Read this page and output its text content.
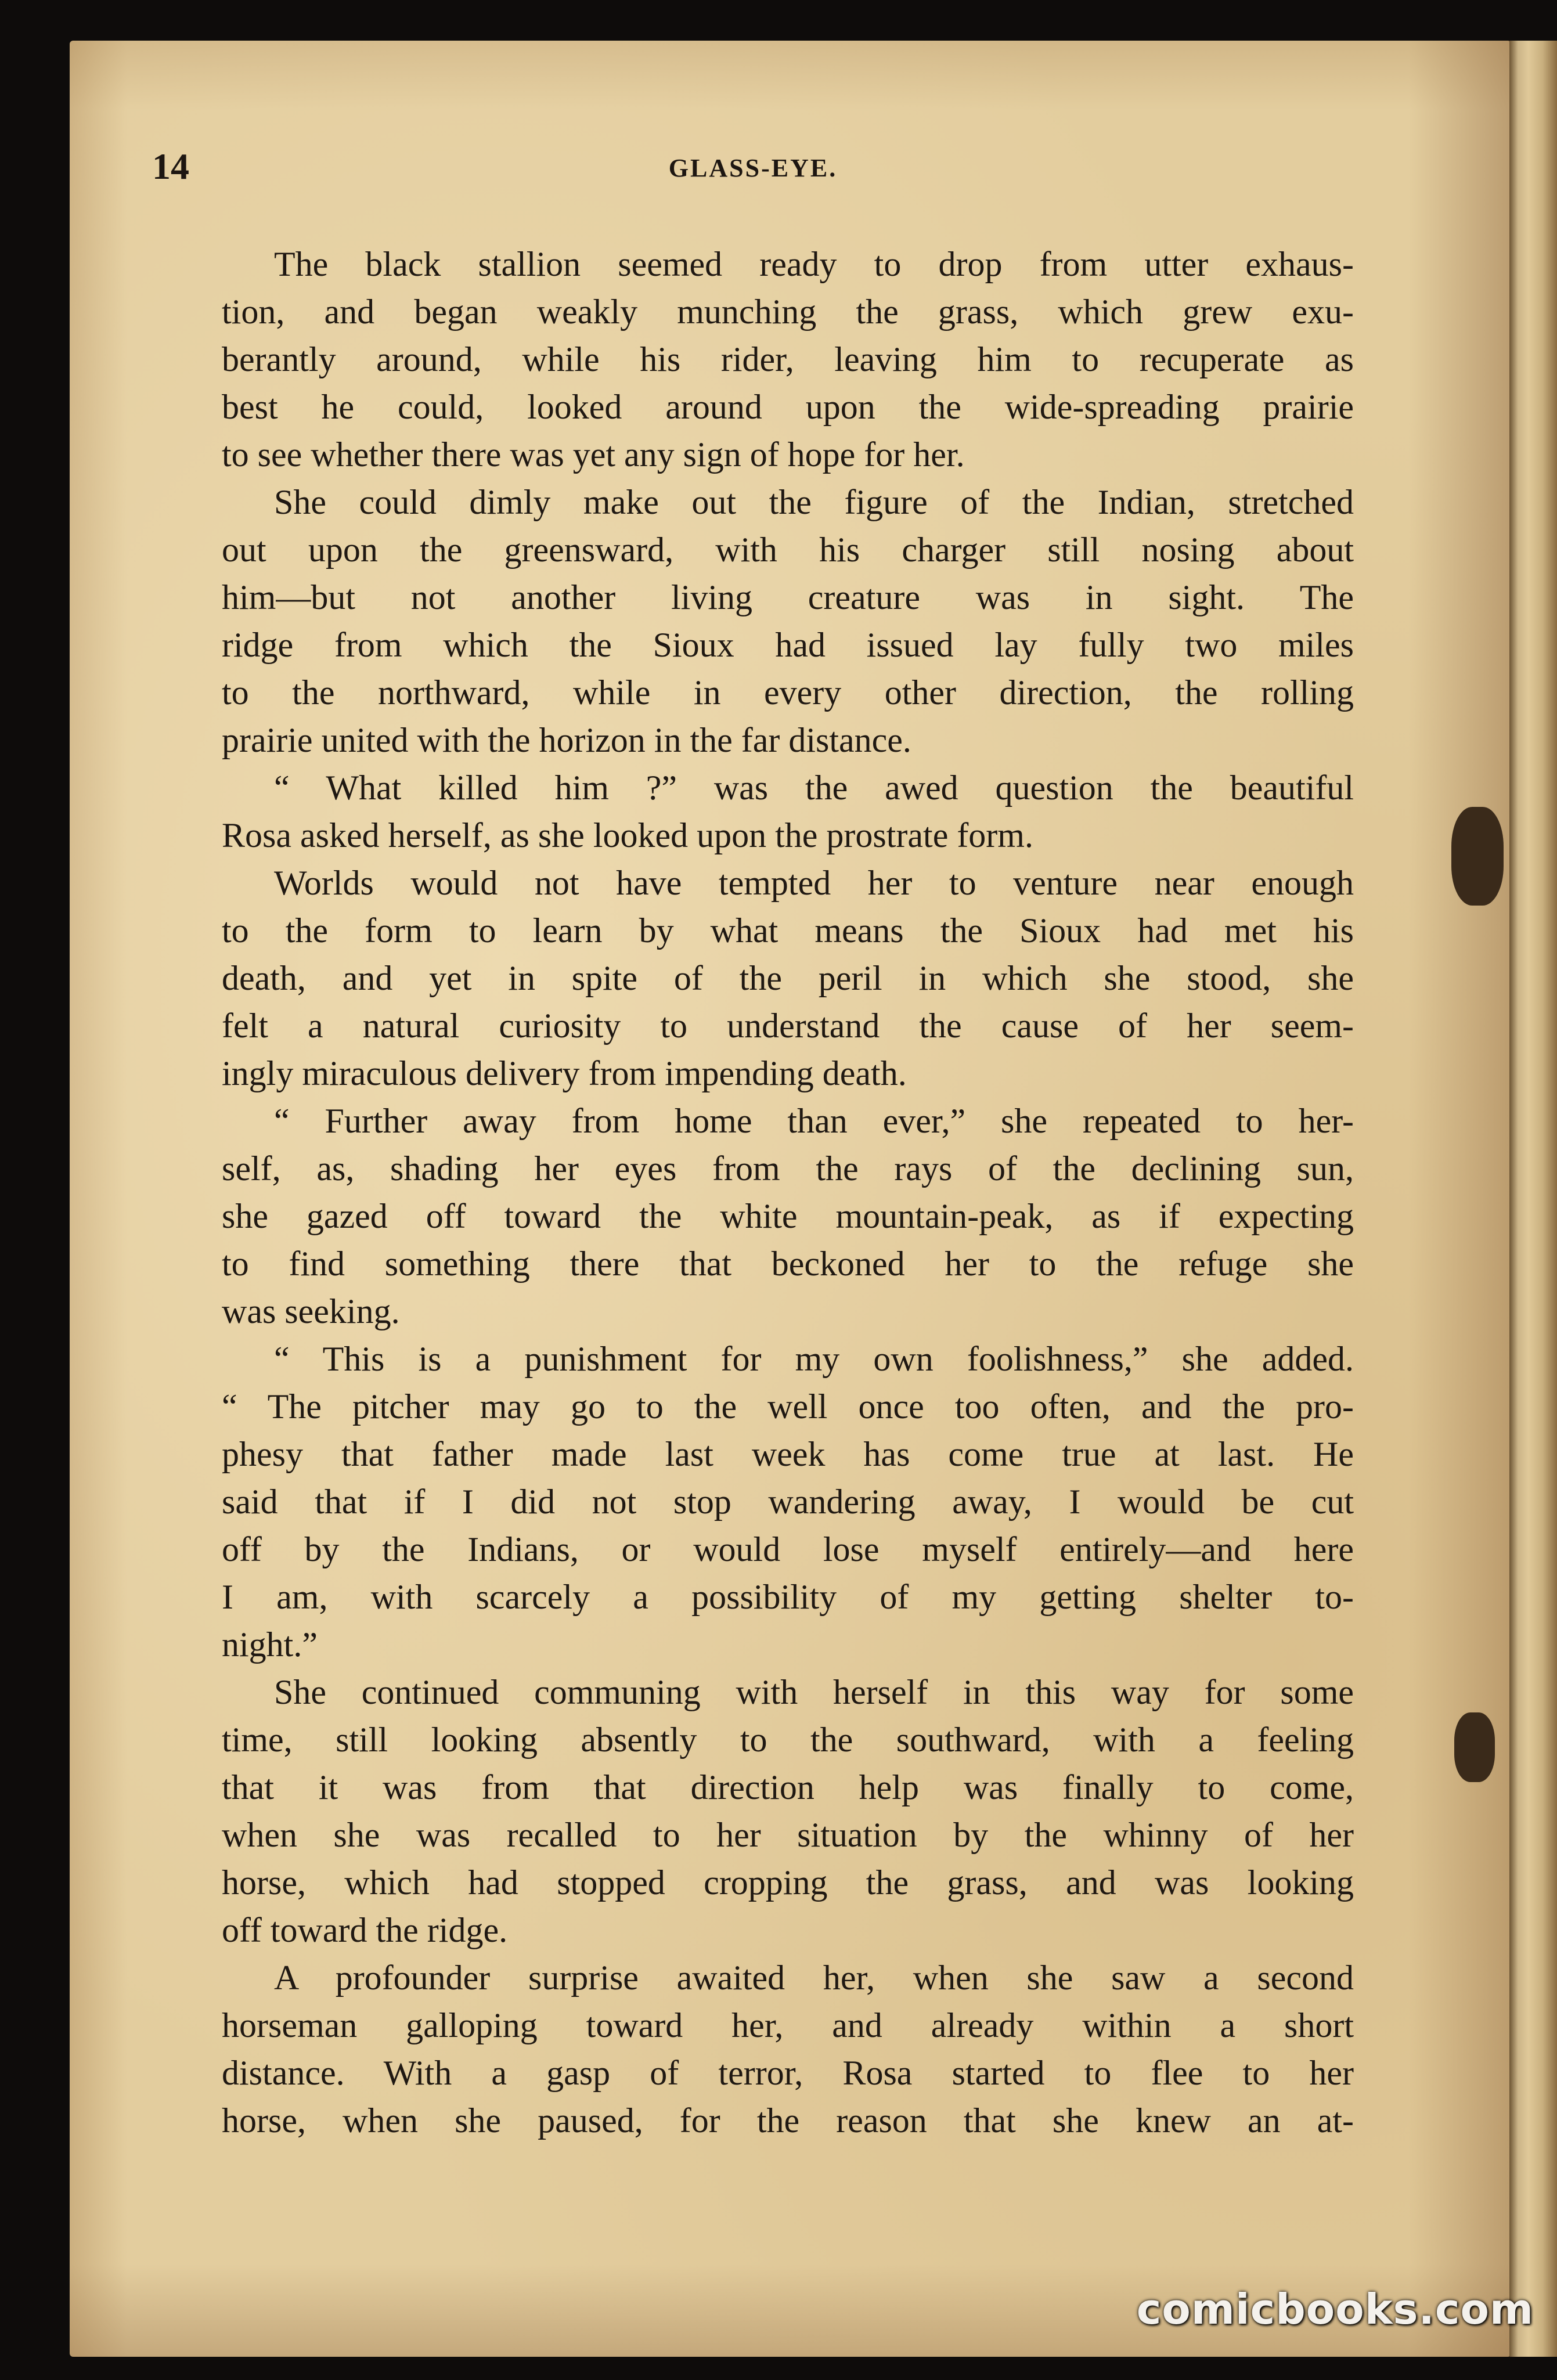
14	GLASS-EYE.

The black stallion seemed ready to drop from utter exhaus-
tion, and began weakly munching the grass, which grew exu-
berantly around, while his rider, leaving him to recuperate as
best he could, looked around upon the wide-spreading prairie
to see whether there was yet any sign of hope for her.

She could dimly make out the figure of the Indian, stretched
out upon the greensward, with his charger still nosing about
him—but not another living creature was in sight. The
ridge from which the Sioux had issued lay fully two miles
to the northward, while in every other direction, the rolling
prairie united with the horizon in the far distance.

“ What killed him ?” was the awed question the beautiful
Rosa asked herself, as she looked upon the prostrate form.

Worlds would not have tempted her to venture near enough
to the form to learn by what means the Sioux had met his
death, and yet in spite of the peril in which she stood, she
felt a natural curiosity to understand the cause of her seem-
ingly miraculous delivery from impending death.

“ Further away from home than ever,” she repeated to her-
self, as, shading her eyes from the rays of the declining sun,
she gazed off toward the white mountain-peak, as if expecting
to find something there that beckoned her to the refuge she
was seeking.

“ This is a punishment for my own foolishness,” she added.
“ The pitcher may go to the well once too often, and the pro-
phesy that father made last week has come true at last. He
said that if I did not stop wandering away, I would be cut
off by the Indians, or would lose myself entirely—and here
I am, with scarcely a possibility of my getting shelter to-
night.”

She continued communing with herself in this way for some
time, still looking absently to the southward, with a feeling
that it was from that direction help was finally to come,
when she was recalled to her situation by the whinny of her
horse, which had stopped cropping the grass, and was looking
off toward the ridge.

A profounder surprise awaited her, when she saw a second
horseman galloping toward her, and already within a short
distance. With a gasp of terror, Rosa started to flee to her
horse, when she paused, for the reason that she knew an at-

comicbooks.com
